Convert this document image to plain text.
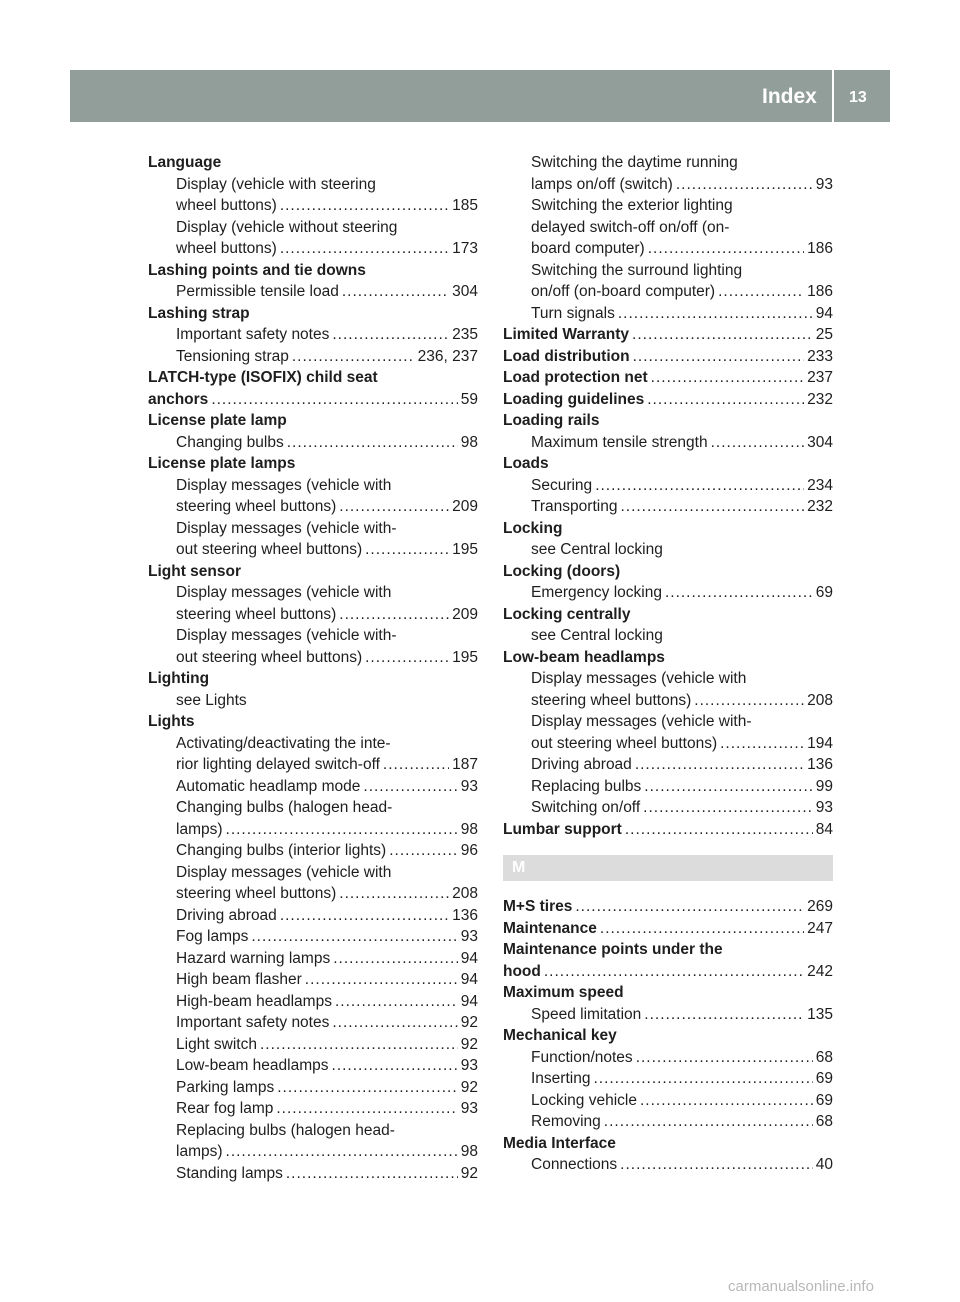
Index 13
Language
Display (vehicle with steering
wheel buttons) .....	185
Display (vehicle without steering
wheel buttons) .....	173
Lashing points and tie downs
Permissible tensile load .....	304
Lashing strap
Important safety notes .....	235
Tensioning strap .....	236, 237
LATCH-type (ISOFIX) child seat
anchors .....	59
License plate lamp
Changing bulbs .....	98
License plate lamps
Display messages (vehicle with
steering wheel buttons) .....	209
Display messages (vehicle with-
out steering wheel buttons) .....	195
Light sensor
Display messages (vehicle with
steering wheel buttons) .....	209
Display messages (vehicle with-
out steering wheel buttons) .....	195
Lighting
see Lights
Lights
Activating/deactivating the inte-
rior lighting delayed switch-off .....	187
Automatic headlamp mode .....	93
Changing bulbs (halogen head-
lamps) .....	98
Changing bulbs (interior lights) .....	96
Display messages (vehicle with
steering wheel buttons) .....	208
Driving abroad .....	136
Fog lamps .....	93
Hazard warning lamps .....	94
High beam flasher .....	94
High-beam headlamps .....	94
Important safety notes .....	92
Light switch .....	92
Low-beam headlamps .....	93
Parking lamps .....	92
Rear fog lamp .....	93
Replacing bulbs (halogen head-
lamps) .....	98
Standing lamps .....	92
Switching the daytime running
lamps on/off (switch) .....	93
Switching the exterior lighting
delayed switch-off on/off (on-
board computer) .....	186
Switching the surround lighting
on/off (on-board computer) .....	186
Turn signals .....	94
Limited Warranty .....	25
Load distribution .....	233
Load protection net .....	237
Loading guidelines .....	232
Loading rails
Maximum tensile strength .....	304
Loads
Securing .....	234
Transporting .....	232
Locking
see Central locking
Locking (doors)
Emergency locking .....	69
Locking centrally
see Central locking
Low-beam headlamps
Display messages (vehicle with
steering wheel buttons) .....	208
Display messages (vehicle with-
out steering wheel buttons) .....	194
Driving abroad .....	136
Replacing bulbs .....	99
Switching on/off .....	93
Lumbar support .....	84
M
M+S tires .....	269
Maintenance .....	247
Maintenance points under the
hood .....	242
Maximum speed
Speed limitation .....	135
Mechanical key
Function/notes .....	68
Inserting .....	69
Locking vehicle .....	69
Removing .....	68
Media Interface
Connections .....	40
carmanualsonline.info
